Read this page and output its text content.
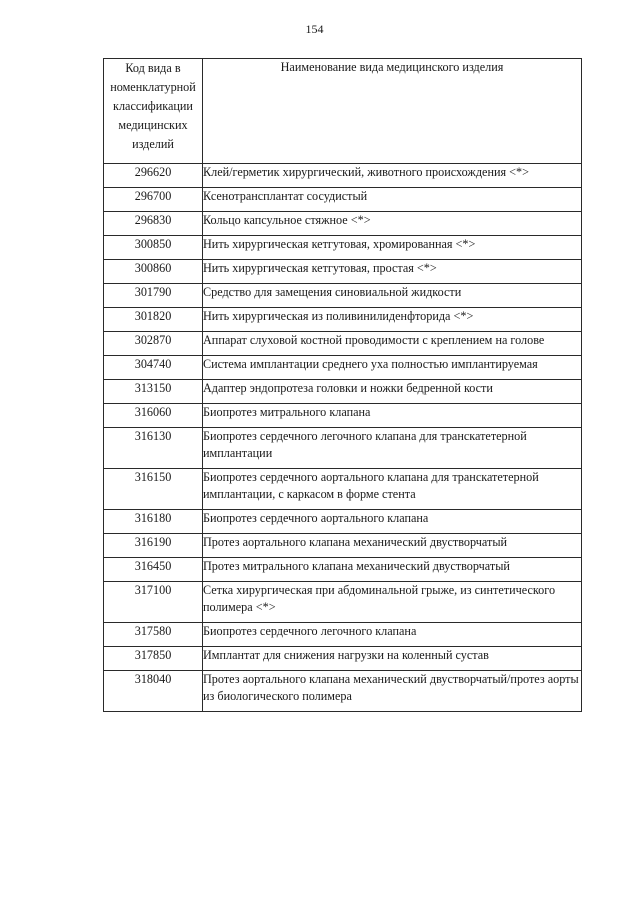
154
Код вида в номенклатурной классификации медицинских изделий	Наименование вида медицинского изделия
296620	Клей/герметик хирургический, животного происхождения <*>
296700	Ксенотрансплантат сосудистый
296830	Кольцо капсульное стяжное <*>
300850	Нить хирургическая кетгутовая, хромированная <*>
300860	Нить хирургическая кетгутовая, простая <*>
301790	Средство для замещения синовиальной жидкости
301820	Нить хирургическая из поливинилиденфторида <*>
302870	Аппарат слуховой костной проводимости с креплением на голове
304740	Система имплантации среднего уха полностью имплантируемая
313150	Адаптер эндопротеза головки и ножки бедренной кости
316060	Биопротез митрального клапана
316130	Биопротез сердечного легочного клапана для транскатетерной имплантации
316150	Биопротез сердечного аортального клапана для транскатетерной имплантации, с каркасом в форме стента
316180	Биопротез сердечного аортального клапана
316190	Протез аортального клапана механический двустворчатый
316450	Протез митрального клапана механический двустворчатый
317100	Сетка хирургическая при абдоминальной грыже, из синтетического полимера <*>
317580	Биопротез сердечного легочного клапана
317850	Имплантат для снижения нагрузки на коленный сустав
318040	Протез аортального клапана механический двустворчатый/протез аорты из биологического полимера
